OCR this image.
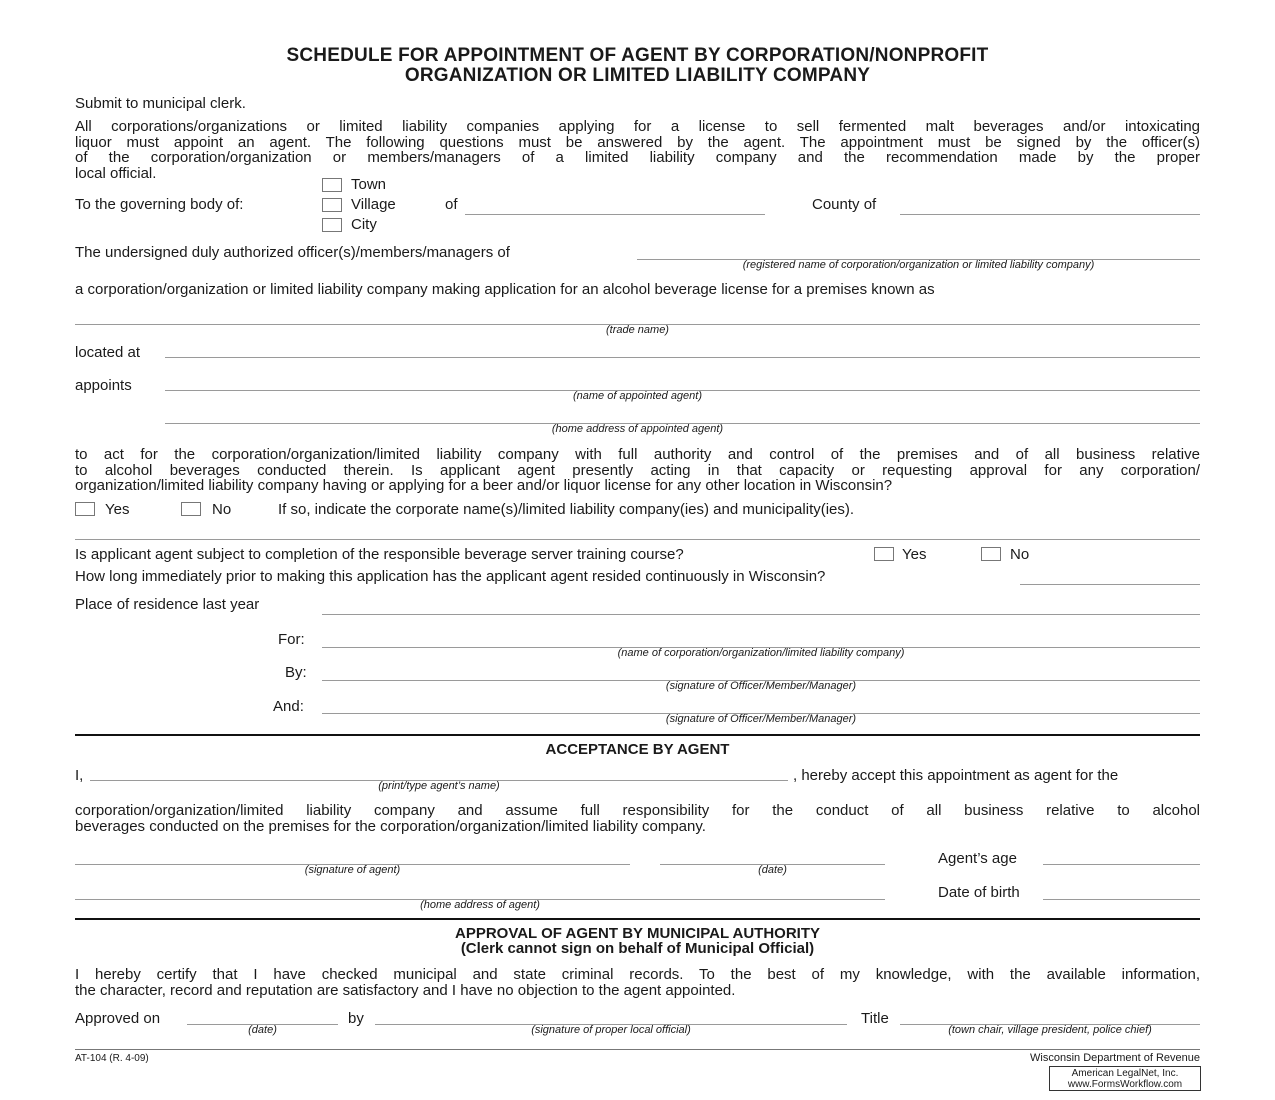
SCHEDULE FOR APPOINTMENT OF AGENT BY CORPORATION/NONPROFIT
ORGANIZATION OR LIMITED LIABILITY COMPANY
Submit to municipal clerk.
All corporations/organizations or limited liability companies applying for a license to sell fermented malt beverages and/or intoxicating
liquor must appoint an agent. The following questions must be answered by the agent. The appointment must be signed by the officer(s)
of the corporation/organization or members/managers of a limited liability company and the recommendation made by the proper
local official.
To the governing body of:
Town
Village
City
of	County of
The undersigned duly authorized officer(s)/members/managers of
(registered name of corporation/organization or limited liability company)
a corporation/organization or limited liability company making application for an alcohol beverage license for a premises known as
(trade name)
located at
appoints
(name of appointed agent)
(home address of appointed agent)
to act for the corporation/organization/limited liability company with full authority and control of the premises and of all business relative
to alcohol beverages conducted therein. Is applicant agent presently acting in that capacity or requesting approval for any corporation/
organization/limited liability company having or applying for a beer and/or liquor license for any other location in Wisconsin?
Yes	No	If so, indicate the corporate name(s)/limited liability company(ies) and municipality(ies).
Is applicant agent subject to completion of the responsible beverage server training course?	Yes	No
How long immediately prior to making this application has the applicant agent resided continuously in Wisconsin?
Place of residence last year
For:
(name of corporation/organization/limited liability company)
By:
(signature of Officer/Member/Manager)
And:
(signature of Officer/Member/Manager)
ACCEPTANCE BY AGENT
I,
(print/type agent’s name)
, hereby accept this appointment as agent for the
corporation/organization/limited liability company and assume full responsibility for the conduct of all business relative to alcohol
beverages conducted on the premises for the corporation/organization/limited liability company.
(signature of agent)	(date)
Agent’s age
Date of birth
(home address of agent)
APPROVAL OF AGENT BY MUNICIPAL AUTHORITY
(Clerk cannot sign on behalf of Municipal Official)
I hereby certify that I have checked municipal and state criminal records. To the best of my knowledge, with the available information,
the character, record and reputation are satisfactory and I have no objection to the agent appointed.
Approved on
(date)
by
(signature of proper local official)
Title
(town chair, village president, police chief)
AT-104 (R. 4-09)	Wisconsin Department of Revenue
American LegalNet, Inc.
www.FormsWorkflow.com
